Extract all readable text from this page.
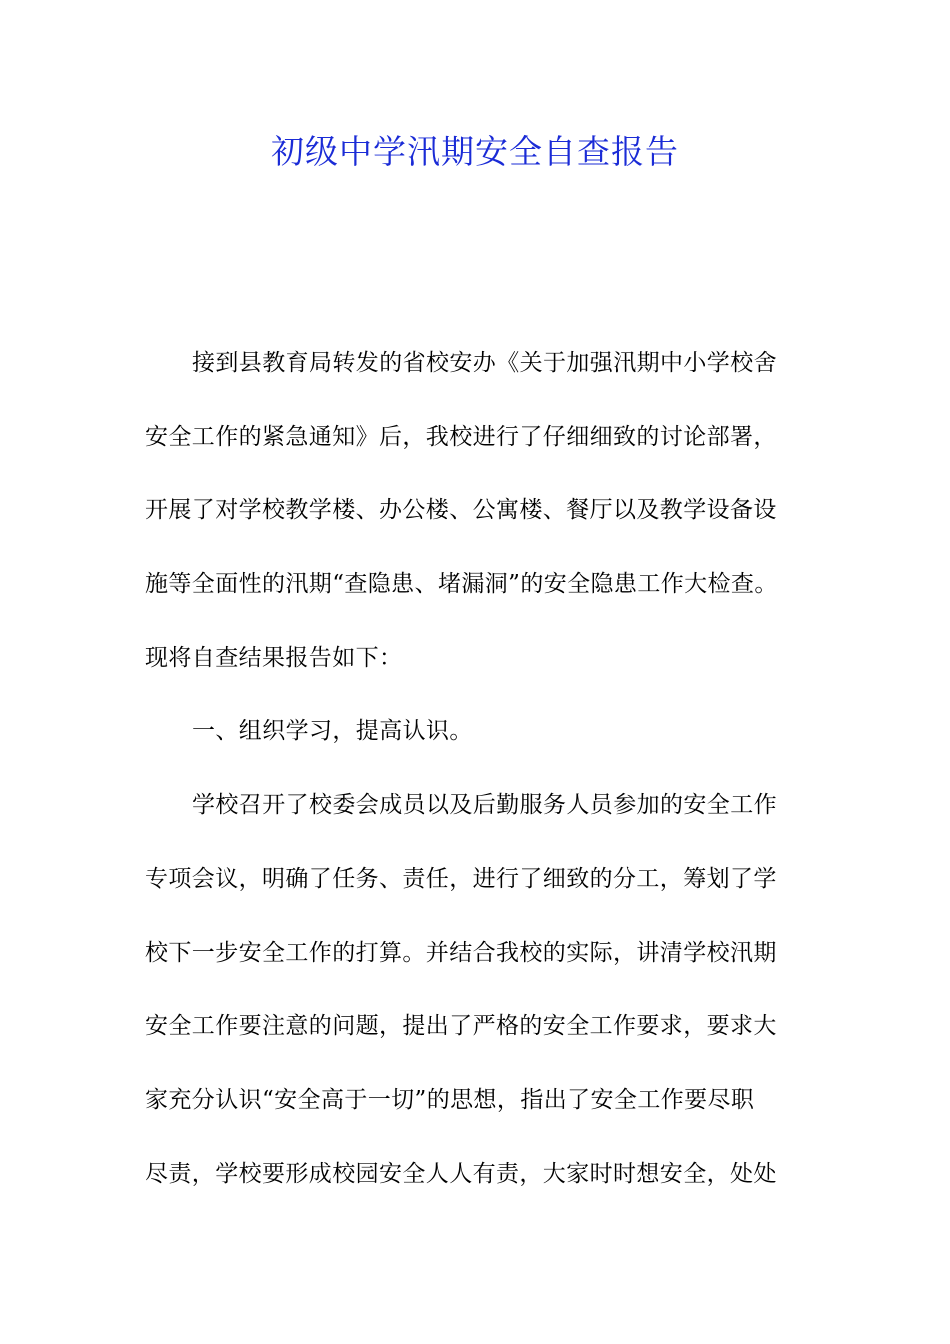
初级中学汛期安全自查报告
接到县教育局转发的省校安办《关于加强汛期中小学校舍
安全工作的紧急通知》后，我校进行了仔细细致的讨论部署，
开展了对学校教学楼、办公楼、公寓楼、餐厅以及教学设备设
施等全面性的汛期“查隐患、堵漏洞”的安全隐患工作大检查。
现将自查结果报告如下：
一、组织学习，提高认识。
学校召开了校委会成员以及后勤服务人员参加的安全工作
专项会议，明确了任务、责任，进行了细致的分工，筹划了学
校下一步安全工作的打算。并结合我校的实际，讲清学校汛期
安全工作要注意的问题，提出了严格的安全工作要求，要求大
家充分认识“安全高于一切”的思想，指出了安全工作要尽职
尽责，学校要形成校园安全人人有责，大家时时想安全，处处
